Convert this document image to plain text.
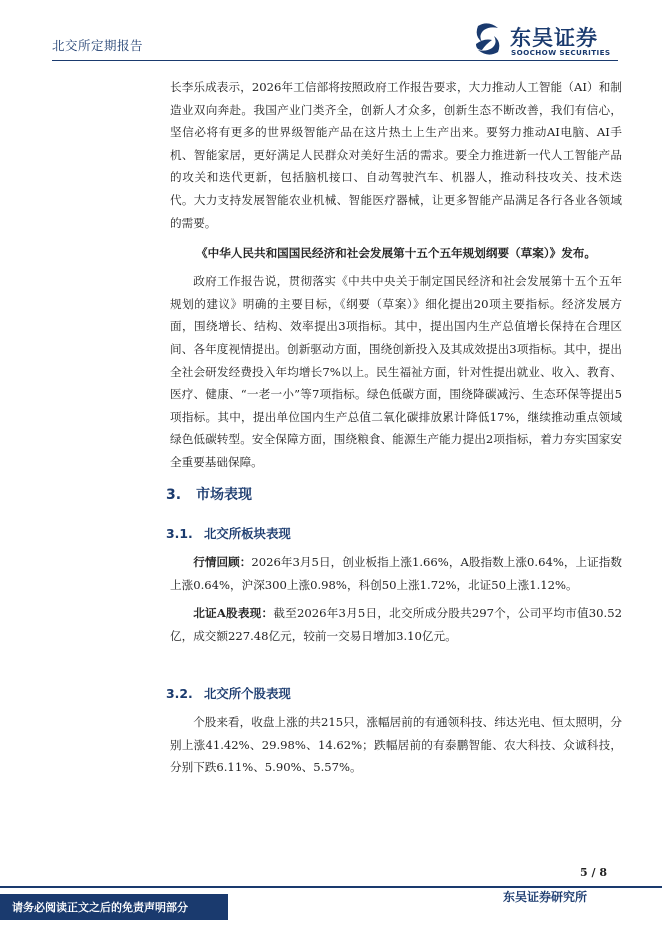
北交所定期报告	东吴证券
SOOCHOW SECURITIES

长李乐成表示，2026年工信部将按照政府工作报告要求，大力推动人工智能（AI）和制造业双向奔赴。我国产业门类齐全，创新人才众多，创新生态不断改善，我们有信心，坚信必将有更多的世界级智能产品在这片热土上生产出来。要努力推动AI电脑、AI手机、智能家居，更好满足人民群众对美好生活的需求。要全力推进新一代人工智能产品的攻关和迭代更新，包括脑机接口、自动驾驶汽车、机器人，推动科技攻关、技术迭代。大力支持发展智能农业机械、智能医疗器械，让更多智能产品满足各行各业各领域的需要。

《中华人民共和国国民经济和社会发展第十五个五年规划纲要（草案）》发布。

政府工作报告说，贯彻落实《中共中央关于制定国民经济和社会发展第十五个五年规划的建议》明确的主要目标，《纲要（草案）》细化提出20项主要指标。经济发展方面，围绕增长、结构、效率提出3项指标。其中，提出国内生产总值增长保持在合理区间、各年度视情提出。创新驱动方面，围绕创新投入及其成效提出3项指标。其中，提出全社会研发经费投入年均增长7%以上。民生福祉方面，针对性提出就业、收入、教育、医疗、健康、“一老一小”等7项指标。绿色低碳方面，围绕降碳减污、生态环保等提出5项指标。其中，提出单位国内生产总值二氧化碳排放累计降低17%，继续推动重点领域绿色低碳转型。安全保障方面，围绕粮食、能源生产能力提出2项指标，着力夯实国家安全重要基础保障。

3. 市场表现
3.1. 北交所板块表现

行情回顾：2026年3月5日，创业板指上涨1.66%，A股指数上涨0.64%，上证指数上涨0.64%，沪深300上涨0.98%，科创50上涨1.72%，北证50上涨1.12%。

北证A股表现：截至2026年3月5日，北交所成分股共297个，公司平均市值30.52亿，成交额227.48亿元，较前一交易日增加3.10亿元。

3.2. 北交所个股表现

个股来看，收盘上涨的共215只，涨幅居前的有通领科技、纬达光电、恒太照明，分别上涨41.42%、29.98%、14.62%；跌幅居前的有泰鹏智能、农大科技、众诚科技，分别下跌6.11%、5.90%、5.57%。

5 / 8
请务必阅读正文之后的免责声明部分
东吴证券研究所
